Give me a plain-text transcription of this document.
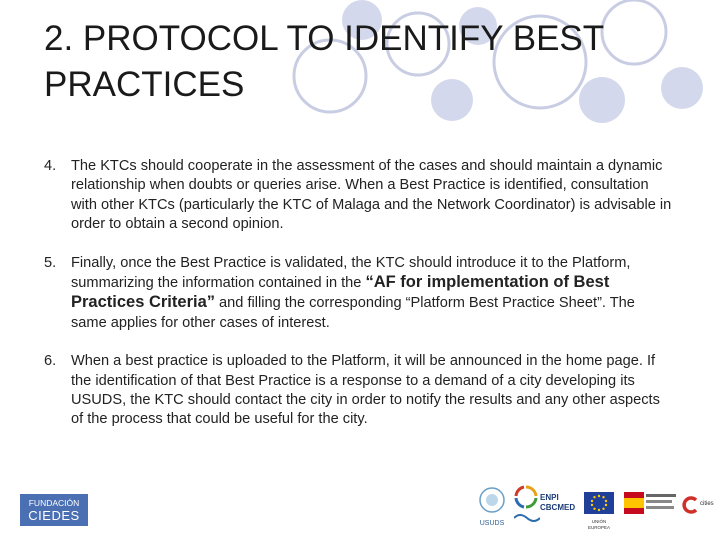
2. PROTOCOL TO IDENTIFY BEST PRACTICES
4.	The KTCs should cooperate in the assessment of the cases and should maintain a dynamic relationship when doubts or queries arise. When a Best Practice is identified, consultation with other KTCs (particularly the KTC of Malaga and the Network Coordinator) is advisable in order to obtain a second opinion.
5.	Finally, once the Best Practice is validated, the KTC should introduce it to the Platform, summarizing the information contained in the “AF for implementation of Best Practices Criteria” and filling the corresponding “Platform Best Practice Sheet”. The same applies for other cases of interest.
6.	When a best practice is uploaded to the Platform, it will be announced in the home page. If the identification of that Best Practice is a response to a demand of a city developing its USUDS, the KTC should contact the city in order to notify the results and any other aspects of the process that could be useful for the city.
FUNDACIÓN
CIEDES
USUDS
ENPI
CBCMED
UNIÓN EUROPEA
cities
